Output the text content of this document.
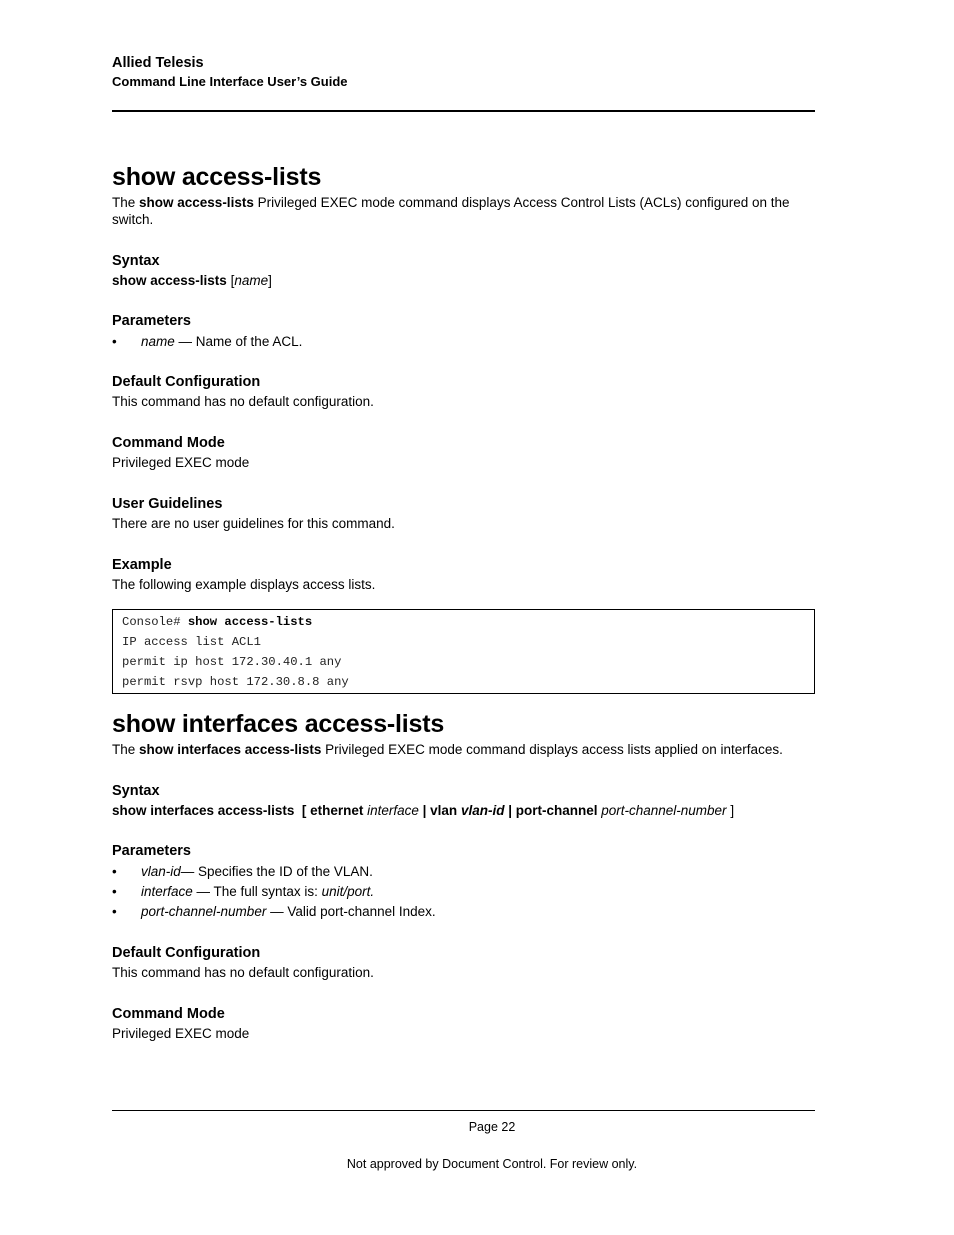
Allied Telesis
Command Line Interface User’s Guide
show access-lists
The show access-lists Privileged EXEC mode command displays Access Control Lists (ACLs) configured on the switch.
Syntax
show access-lists [name]
Parameters
• name — Name of the ACL.
Default Configuration
This command has no default configuration.
Command Mode
Privileged EXEC mode
User Guidelines
There are no user guidelines for this command.
Example
The following example displays access lists.
Console# show access-lists
IP access list ACL1
permit ip host 172.30.40.1 any
permit rsvp host 172.30.8.8 any
show interfaces access-lists
The show interfaces access-lists Privileged EXEC mode command displays access lists applied on interfaces.
Syntax
show interfaces access-lists  [ ethernet interface | vlan vlan-id | port-channel port-channel-number ]
Parameters
• vlan-id— Specifies the ID of the VLAN.
• interface — The full syntax is: unit/port.
• port-channel-number — Valid port-channel Index.
Default Configuration
This command has no default configuration.
Command Mode
Privileged EXEC mode
Page 22
Not approved by Document Control. For review only.
